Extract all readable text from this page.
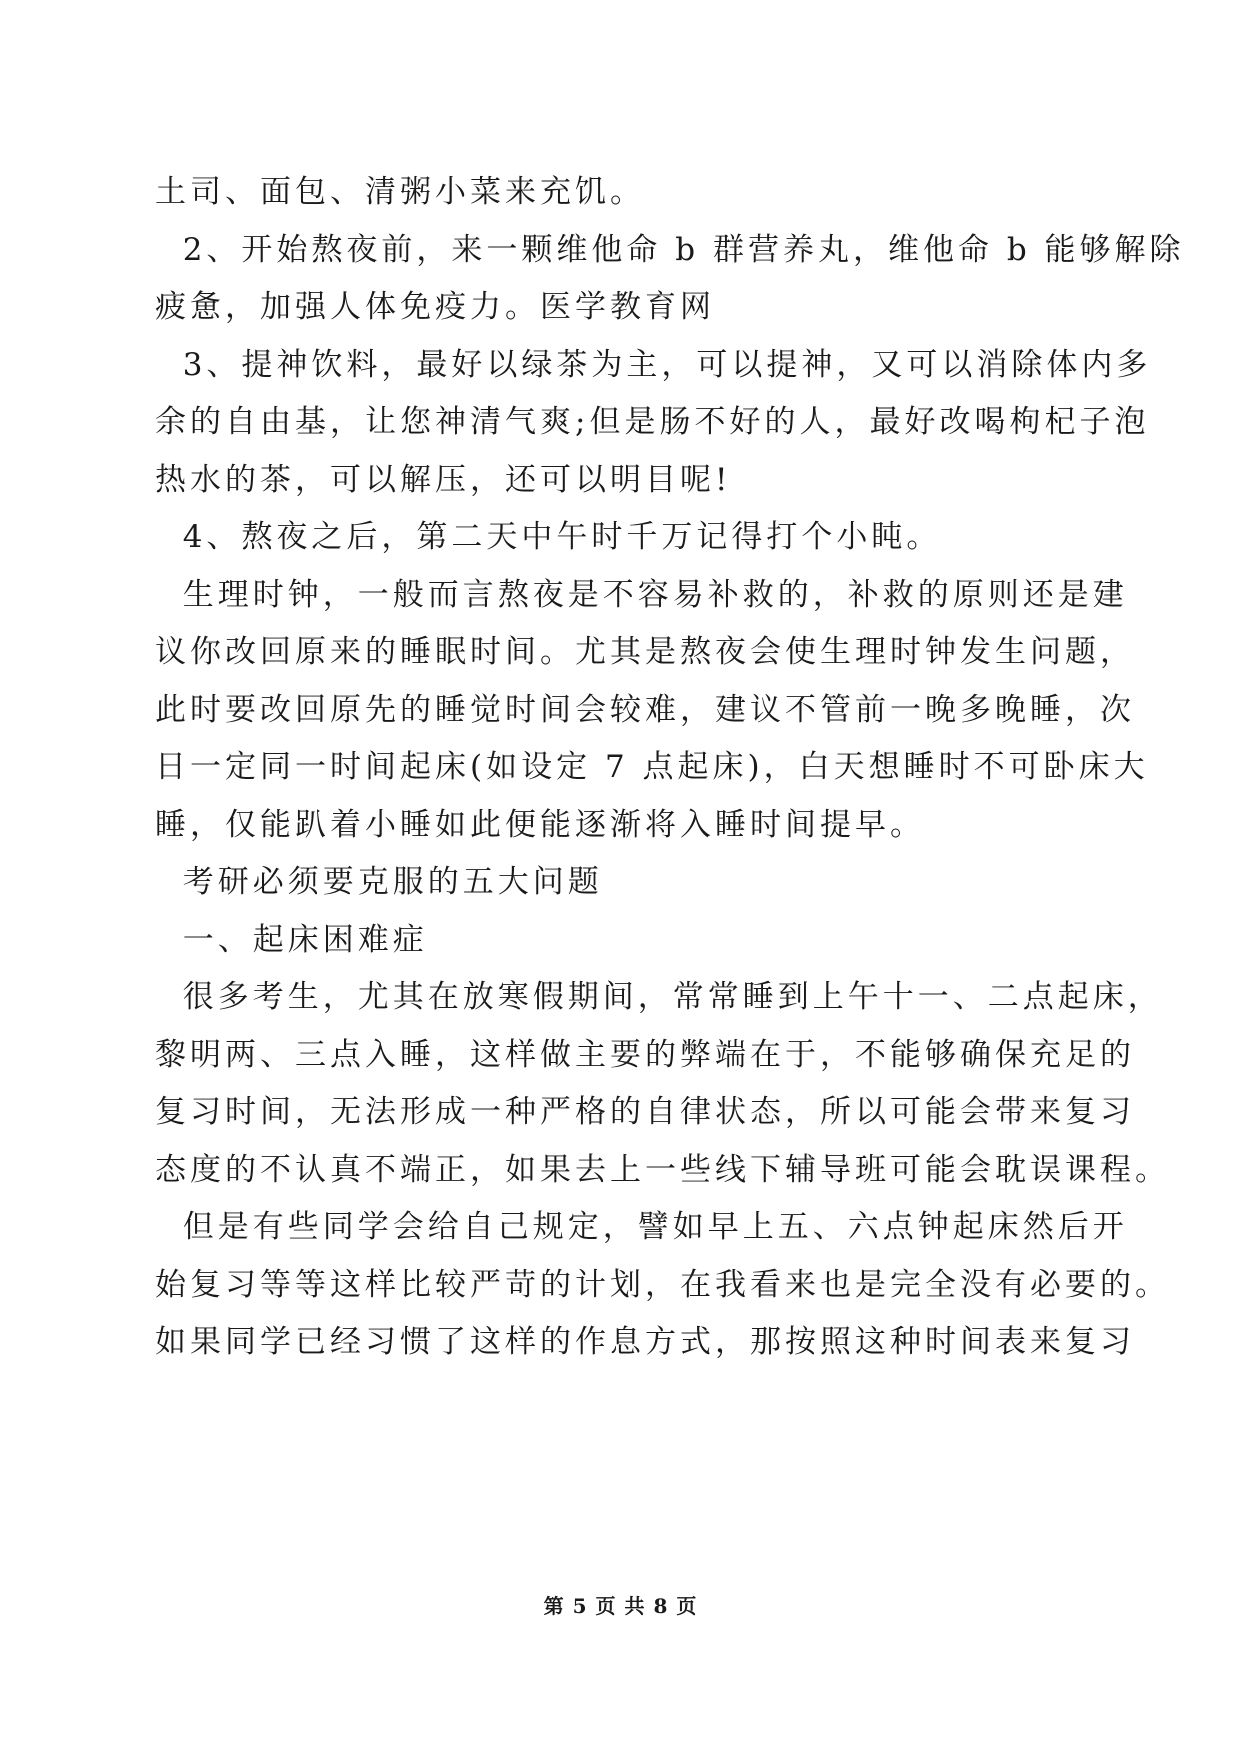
土司、面包、清粥小菜来充饥。
2、开始熬夜前，来一颗维他命 b 群营养丸，维他命 b 能够解除
疲惫，加强人体免疫力。医学教育网
3、提神饮料，最好以绿茶为主，可以提神，又可以消除体内多
余的自由基，让您神清气爽;但是肠不好的人，最好改喝枸杞子泡
热水的茶，可以解压，还可以明目呢!
4、熬夜之后，第二天中午时千万记得打个小盹。
生理时钟，一般而言熬夜是不容易补救的，补救的原则还是建
议你改回原来的睡眠时间。尤其是熬夜会使生理时钟发生问题，
此时要改回原先的睡觉时间会较难，建议不管前一晚多晚睡，次
日一定同一时间起床(如设定 7 点起床)，白天想睡时不可卧床大
睡，仅能趴着小睡如此便能逐渐将入睡时间提早。
考研必须要克服的五大问题
一、起床困难症
很多考生，尤其在放寒假期间，常常睡到上午十一、二点起床，
黎明两、三点入睡，这样做主要的弊端在于，不能够确保充足的
复习时间，无法形成一种严格的自律状态，所以可能会带来复习
态度的不认真不端正，如果去上一些线下辅导班可能会耽误课程。
但是有些同学会给自己规定，譬如早上五、六点钟起床然后开
始复习等等这样比较严苛的计划，在我看来也是完全没有必要的。
如果同学已经习惯了这样的作息方式，那按照这种时间表来复习
第 5 页 共 8 页
